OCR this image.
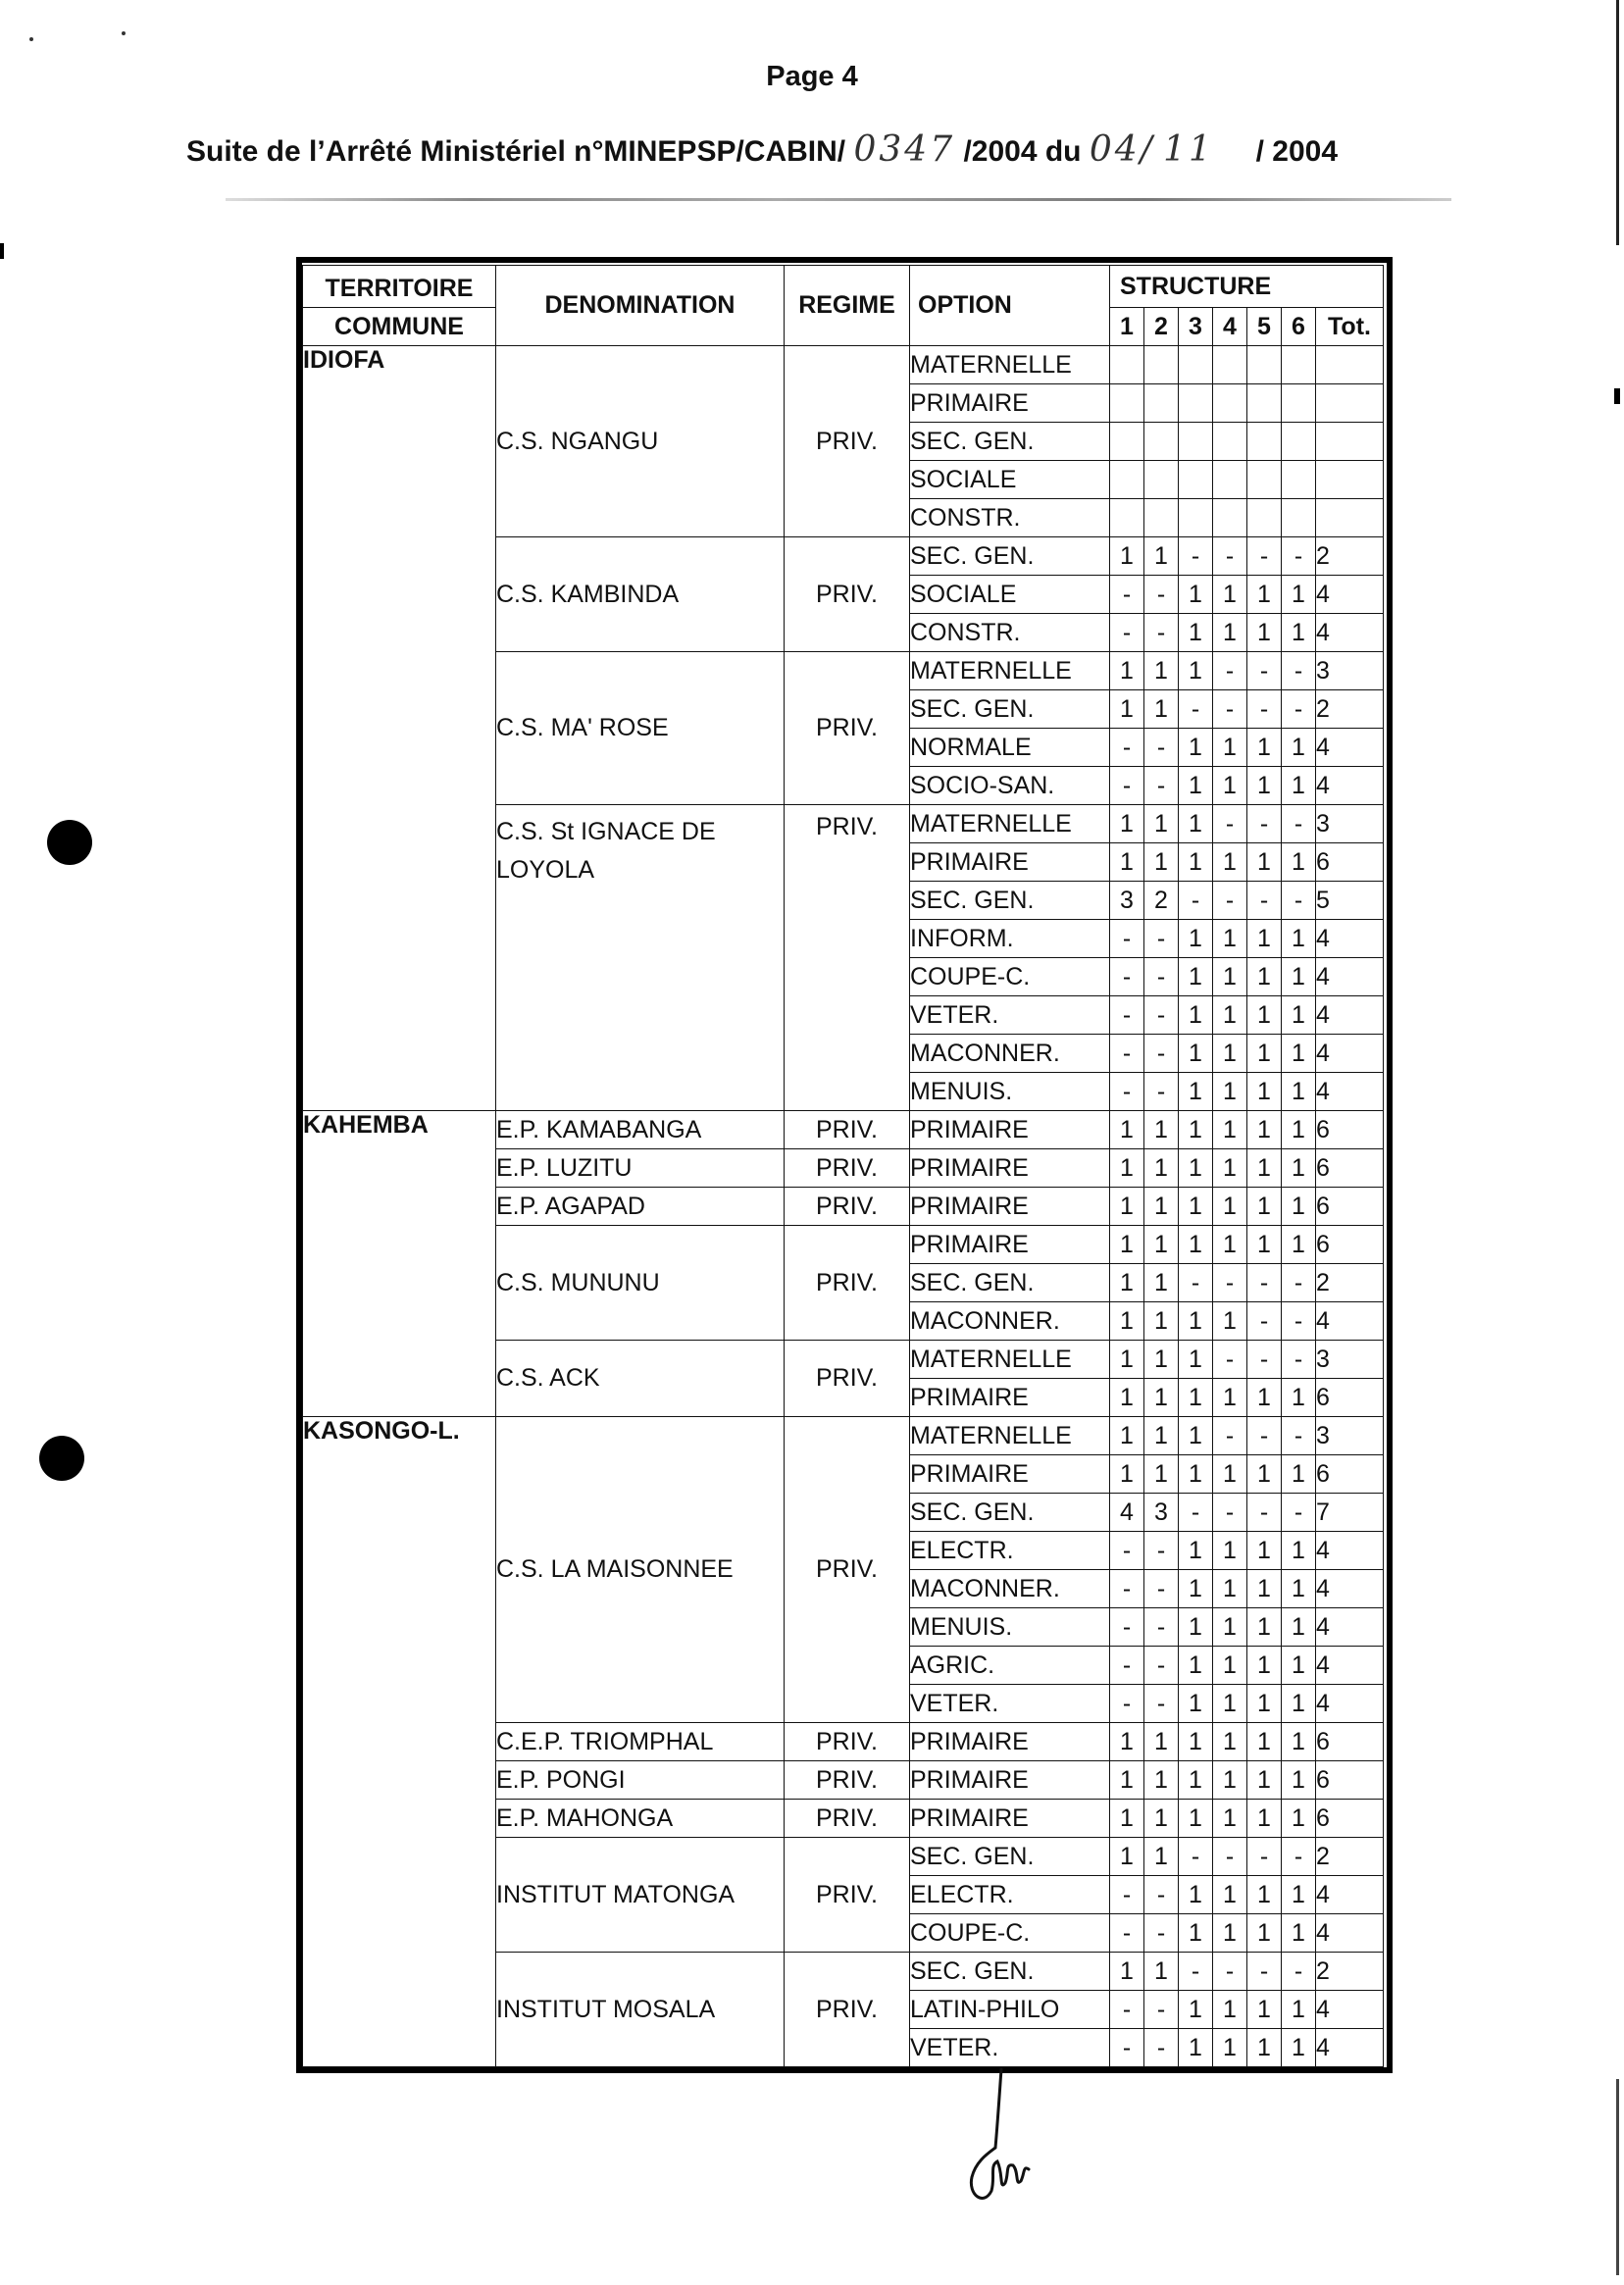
Page 4
Suite de l’Arrêté Ministériel n°MINEPSP/CABIN/ 0347 /2004 du 04/ 11 / 2004
TERRITOIRE	DENOMINATION	REGIME	OPTION	STRUCTURE						
COMMUNE				1	2	3	4	5	6	Tot.
IDIOFA	C.S. NGANGU	PRIV.	MATERNELLE							
			PRIMAIRE							
			SEC. GEN.							
			SOCIALE							
			CONSTR.							
	C.S. KAMBINDA	PRIV.	SEC. GEN.	1	1	-	-	-	-	2
			SOCIALE	-	-	1	1	1	1	4
			CONSTR.	-	-	1	1	1	1	4
	C.S. MA' ROSE	PRIV.	MATERNELLE	1	1	1	-	-	-	3
			SEC. GEN.	1	1	-	-	-	-	2
			NORMALE	-	-	1	1	1	1	4
			SOCIO-SAN.	-	-	1	1	1	1	4
	C.S. St IGNACE DE LOYOLA	PRIV.	MATERNELLE	1	1	1	-	-	-	3
			PRIMAIRE	1	1	1	1	1	1	6
			SEC. GEN.	3	2	-	-	-	-	5
			INFORM.	-	-	1	1	1	1	4
			COUPE-C.	-	-	1	1	1	1	4
			VETER.	-	-	1	1	1	1	4
			MACONNER.	-	-	1	1	1	1	4
			MENUIS.	-	-	1	1	1	1	4
KAHEMBA	E.P. KAMABANGA	PRIV.	PRIMAIRE	1	1	1	1	1	1	6
	E.P. LUZITU	PRIV.	PRIMAIRE	1	1	1	1	1	1	6
	E.P. AGAPAD	PRIV.	PRIMAIRE	1	1	1	1	1	1	6
	C.S. MUNUNU	PRIV.	PRIMAIRE	1	1	1	1	1	1	6
			SEC. GEN.	1	1	-	-	-	-	2
			MACONNER.	1	1	1	1	-	-	4
	C.S. ACK	PRIV.	MATERNELLE	1	1	1	-	-	-	3
			PRIMAIRE	1	1	1	1	1	1	6
KASONGO-L.	C.S. LA MAISONNEE	PRIV.	MATERNELLE	1	1	1	-	-	-	3
			PRIMAIRE	1	1	1	1	1	1	6
			SEC. GEN.	4	3	-	-	-	-	7
			ELECTR.	-	-	1	1	1	1	4
			MACONNER.	-	-	1	1	1	1	4
			MENUIS.	-	-	1	1	1	1	4
			AGRIC.	-	-	1	1	1	1	4
			VETER.	-	-	1	1	1	1	4
	C.E.P. TRIOMPHAL	PRIV.	PRIMAIRE	1	1	1	1	1	1	6
	E.P. PONGI	PRIV.	PRIMAIRE	1	1	1	1	1	1	6
	E.P. MAHONGA	PRIV.	PRIMAIRE	1	1	1	1	1	1	6
	INSTITUT MATONGA	PRIV.	SEC. GEN.	1	1	-	-	-	-	2
			ELECTR.	-	-	1	1	1	1	4
			COUPE-C.	-	-	1	1	1	1	4
	INSTITUT MOSALA	PRIV.	SEC. GEN.	1	1	-	-	-	-	2
			LATIN-PHILO	-	-	1	1	1	1	4
			VETER.	-	-	1	1	1	1	4
